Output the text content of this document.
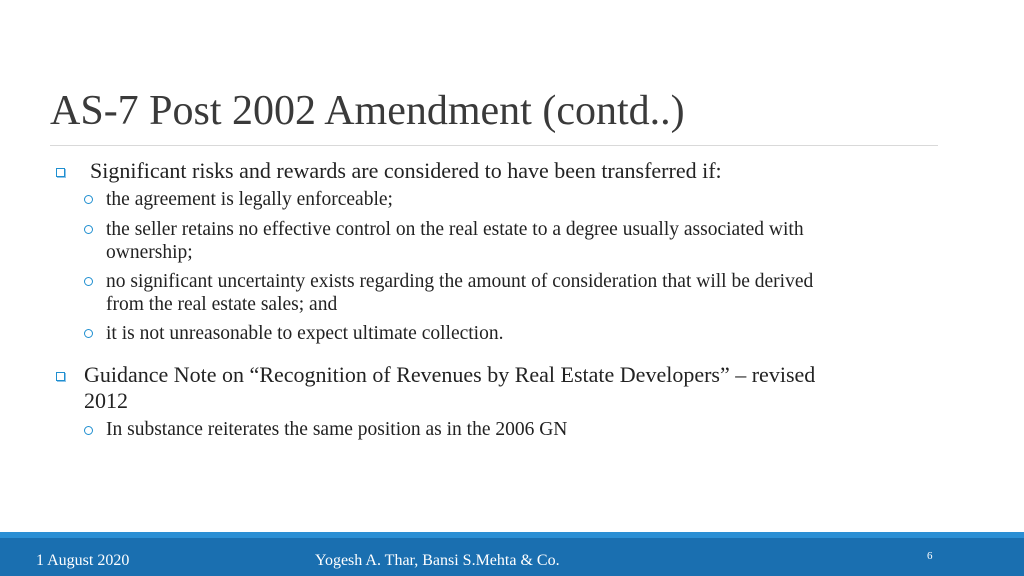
AS-7 Post 2002 Amendment (contd..)
Significant risks and rewards are considered to have been transferred if:
the agreement is legally enforceable;
the seller retains no effective control on the real estate to a degree usually associated with
ownership;
no significant uncertainty exists regarding the amount of consideration that will be derived
from the real estate sales; and
it is not unreasonable to expect ultimate collection.
Guidance Note on “Recognition of Revenues by Real Estate Developers” – revised
2012
In substance reiterates the same position as in the 2006 GN
1 August 2020	Yogesh A. Thar, Bansi S.Mehta & Co.	6
